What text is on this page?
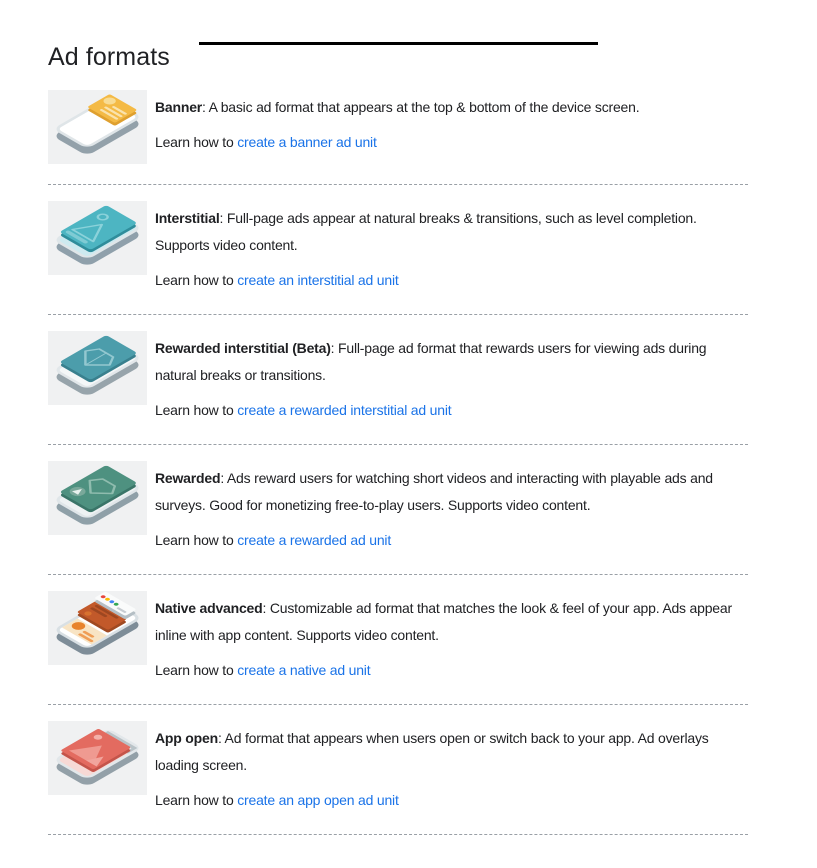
Ad formats

Banner: A basic ad format that appears at the top & bottom of the device screen.

Learn how to create a banner ad unit

Interstitial: Full-page ads appear at natural breaks & transitions, such as level completion. Supports video content.

Learn how to create an interstitial ad unit

Rewarded interstitial (Beta): Full-page ad format that rewards users for viewing ads during natural breaks or transitions.

Learn how to create a rewarded interstitial ad unit

Rewarded: Ads reward users for watching short videos and interacting with playable ads and surveys. Good for monetizing free-to-play users. Supports video content.

Learn how to create a rewarded ad unit

Native advanced: Customizable ad format that matches the look & feel of your app. Ads appear inline with app content. Supports video content.

Learn how to create a native ad unit

App open: Ad format that appears when users open or switch back to your app. Ad overlays loading screen.

Learn how to create an app open ad unit
